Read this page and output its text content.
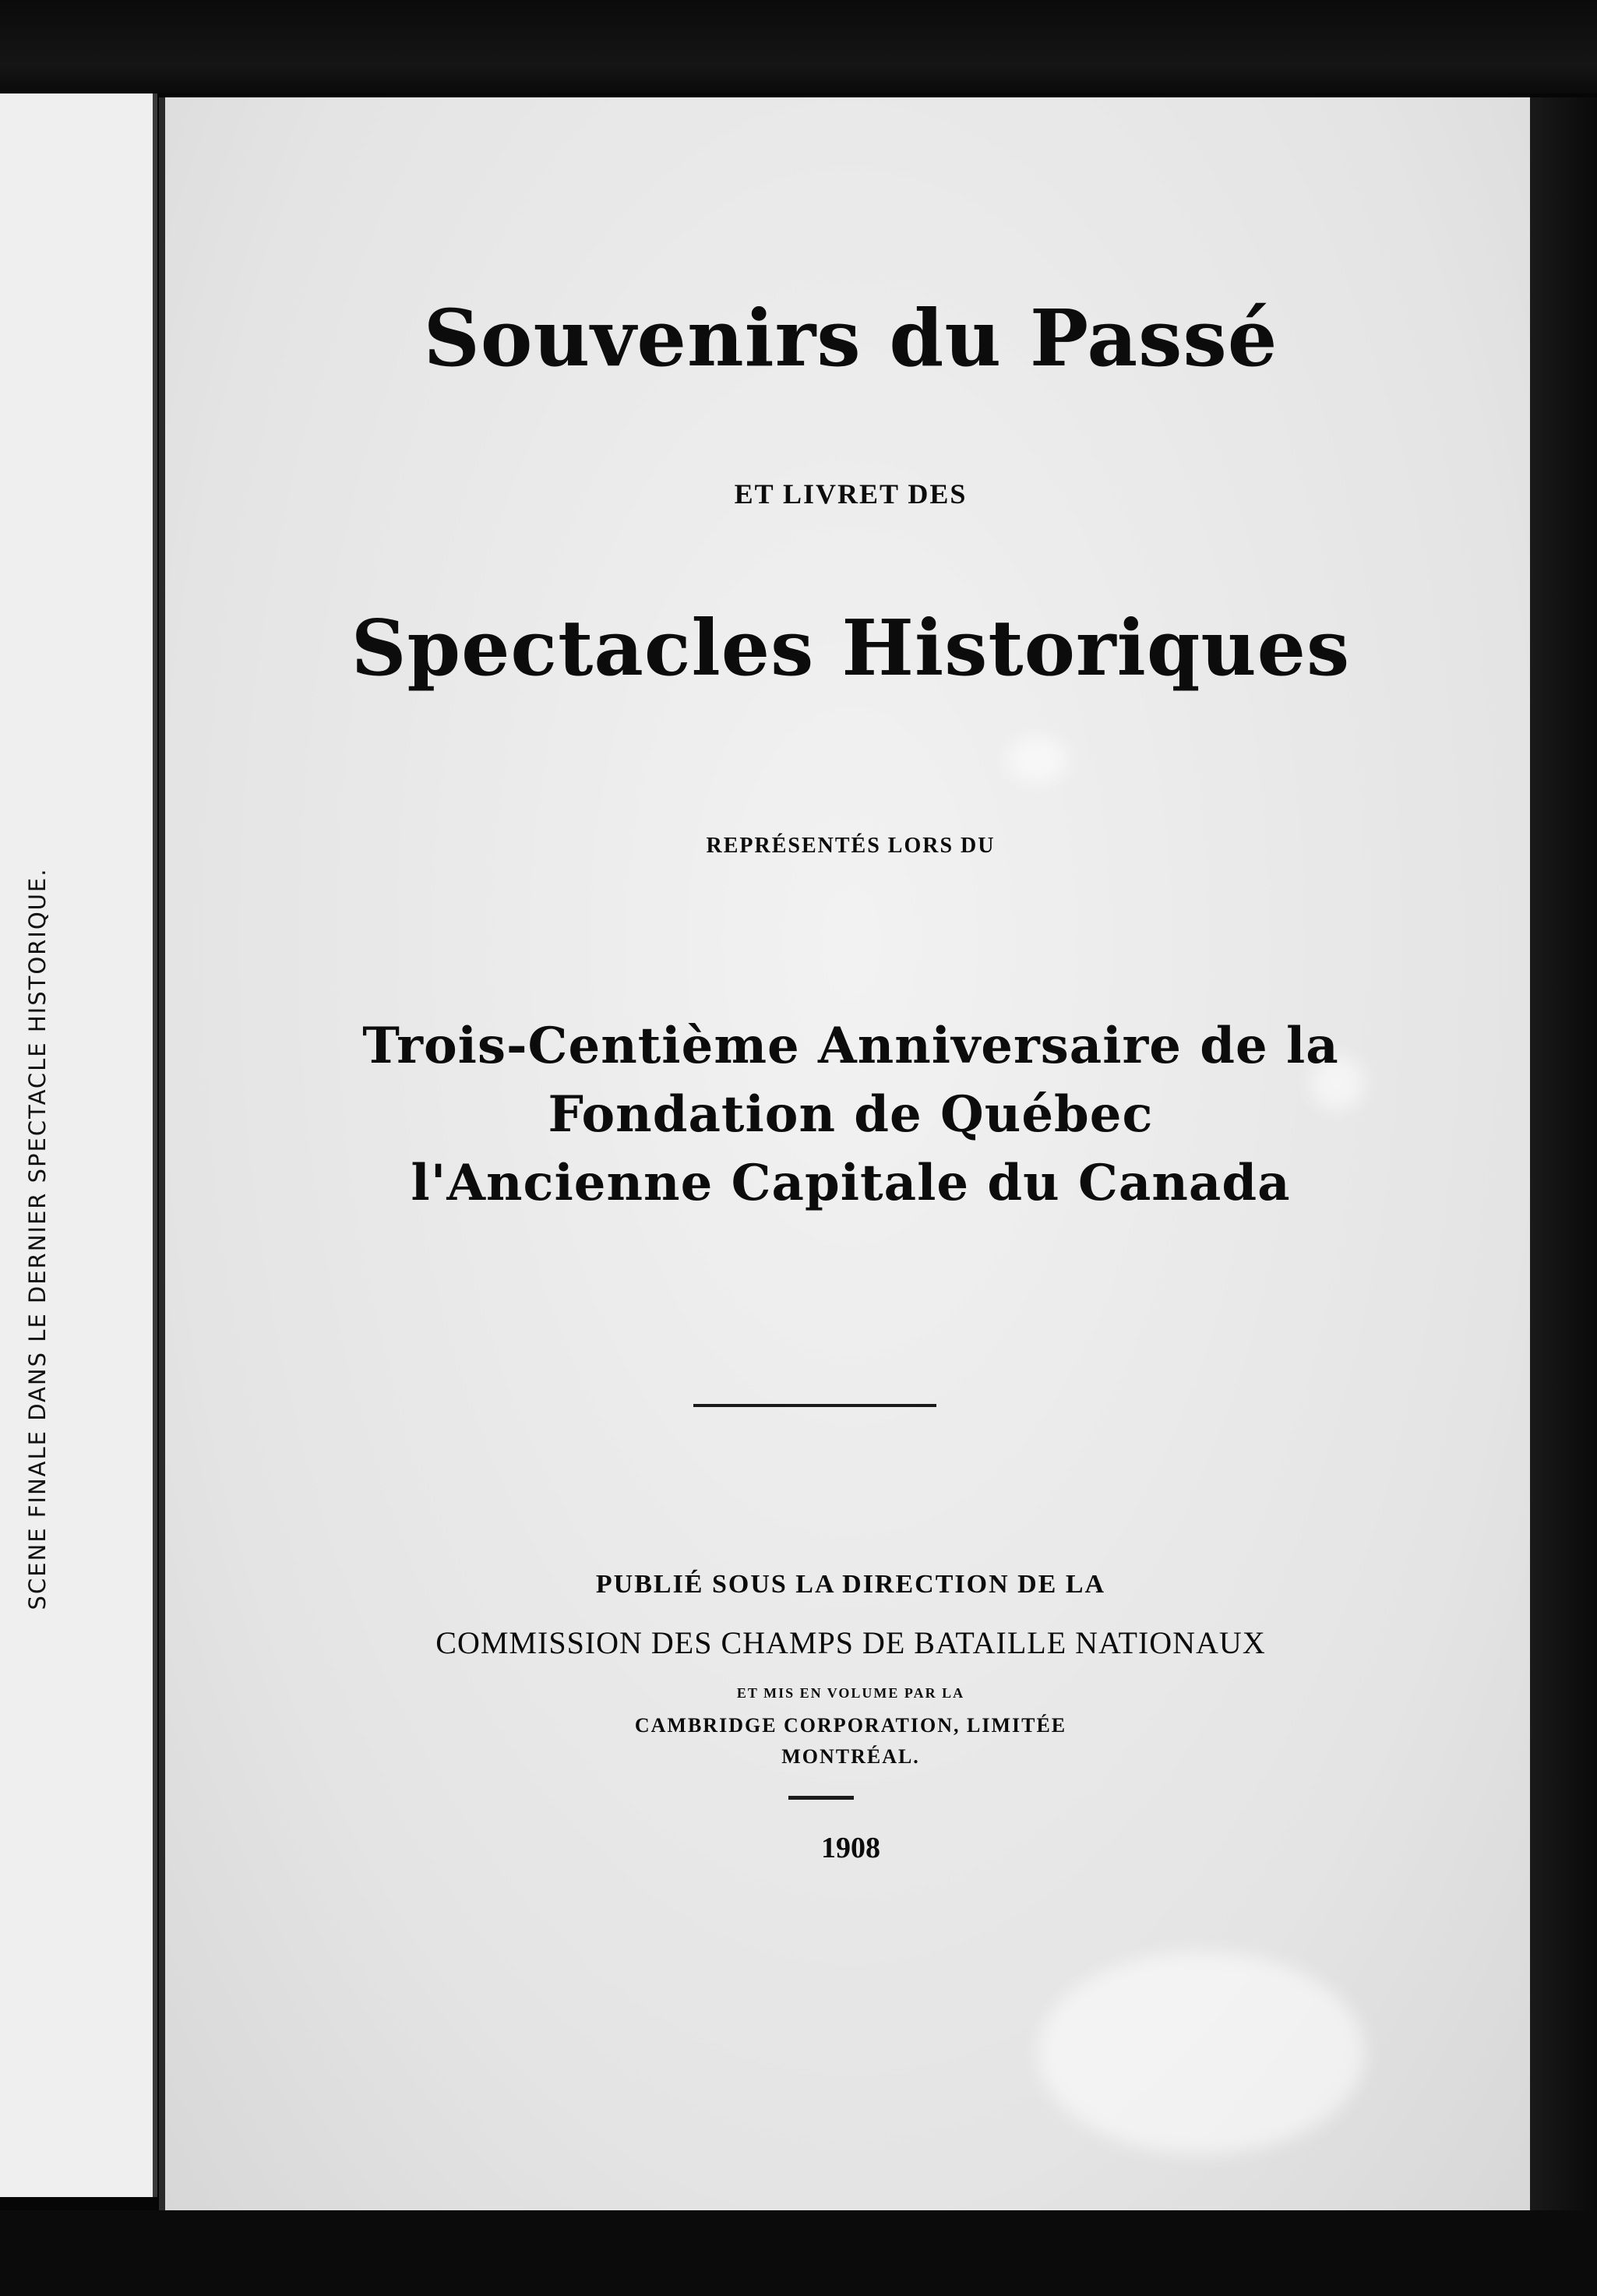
SCENE FINALE DANS LE DERNIER SPECTACLE HISTORIQUE.
Souvenirs du Passé
ET LIVRET DES
Spectacles Historiques
REPRÉSENTÉS LORS DU
Trois-Centième Anniversaire de la
Fondation de Québec
l'Ancienne Capitale du Canada
PUBLIÉ SOUS LA DIRECTION DE LA
COMMISSION DES CHAMPS DE BATAILLE NATIONAUX
ET MIS EN VOLUME PAR LA
CAMBRIDGE CORPORATION, LIMITÉE
MONTRÉAL.
1908
